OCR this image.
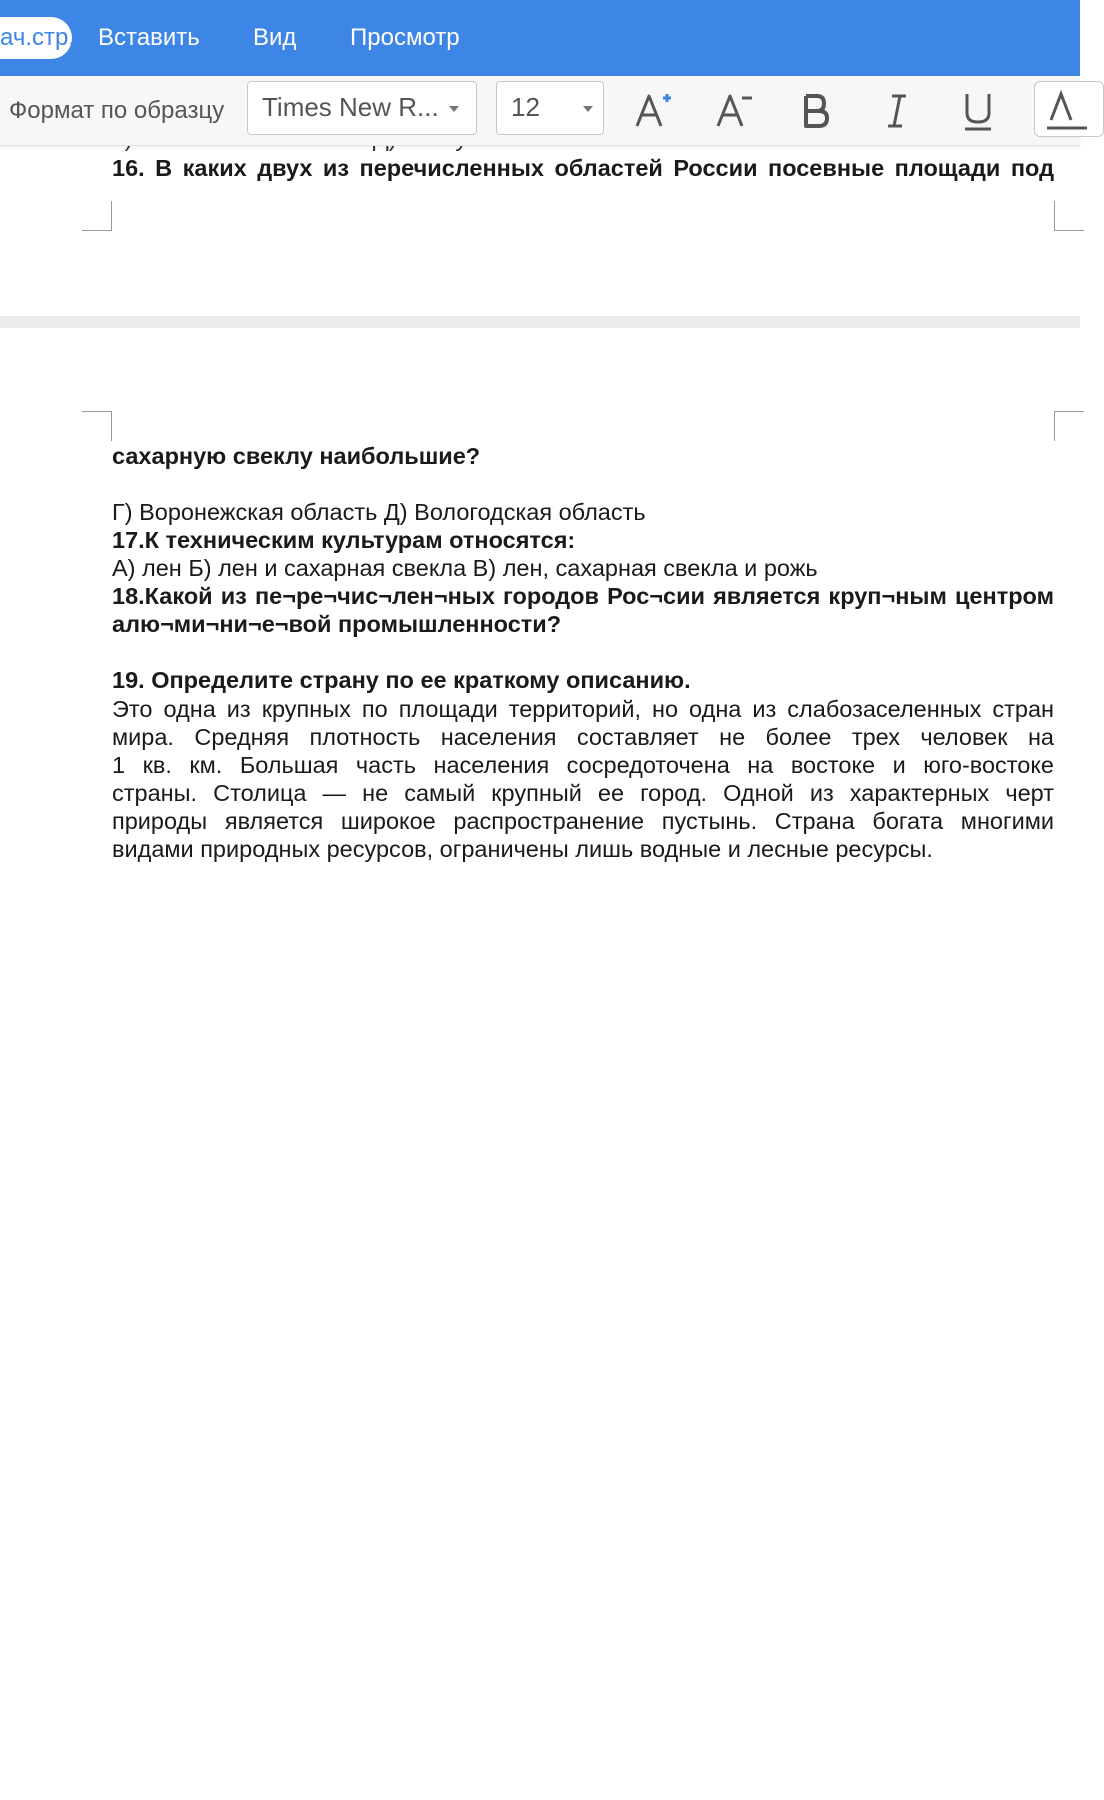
ач.стр. Вставить Вид Просмотр
Формат по образцу	Times New R...	12
16. В каких двух из перечисленных областей России посевные площади под
сахарную свеклу наибольшие?
Г) Воронежская область Д) Вологодская область
17.К техническим культурам относятся:
А) лен Б) лен и сахарная свекла В) лен, сахарная свекла и рожь
18.Какой из пе¬ре¬чис¬лен¬ных городов Рос¬сии является круп¬ным центром
алю¬ми¬ни¬е¬вой промышленности?
19. Определите страну по ее краткому описанию.
Это одна из крупных по площади территорий, но одна из слабозаселенных стран
мира. Средняя плотность населения составляет не более трех человек на
1 кв. км. Большая часть населения сосредоточена на востоке и юго-востоке
страны. Столица — не самый крупный ее город. Одной из характерных черт
природы является широкое распространение пустынь. Страна богата многими
видами природных ресурсов, ограничены лишь водные и лесные ресурсы.
